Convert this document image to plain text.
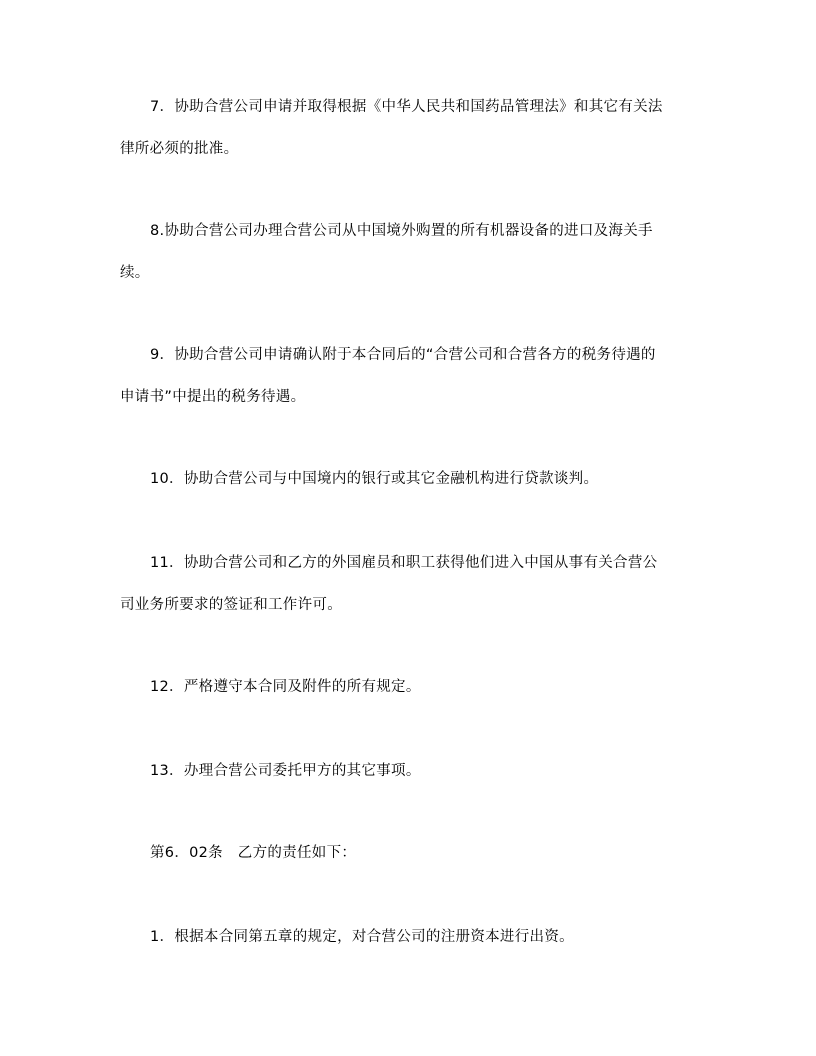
7．协助合营公司申请并取得根据《中华人民共和国药品管理法》和其它有关法
律所必须的批准。
8.协助合营公司办理合营公司从中国境外购置的所有机器设备的进口及海关手
续。
9．协助合营公司申请确认附于本合同后的“合营公司和合营各方的税务待遇的
申请书”中提出的税务待遇。
10．协助合营公司与中国境内的银行或其它金融机构进行贷款谈判。
11．协助合营公司和乙方的外国雇员和职工获得他们进入中国从事有关合营公
司业务所要求的签证和工作许可。
12．严格遵守本合同及附件的所有规定。
13．办理合营公司委托甲方的其它事项。
第6．02条　乙方的责任如下：
1．根据本合同第五章的规定，对合营公司的注册资本进行出资。
